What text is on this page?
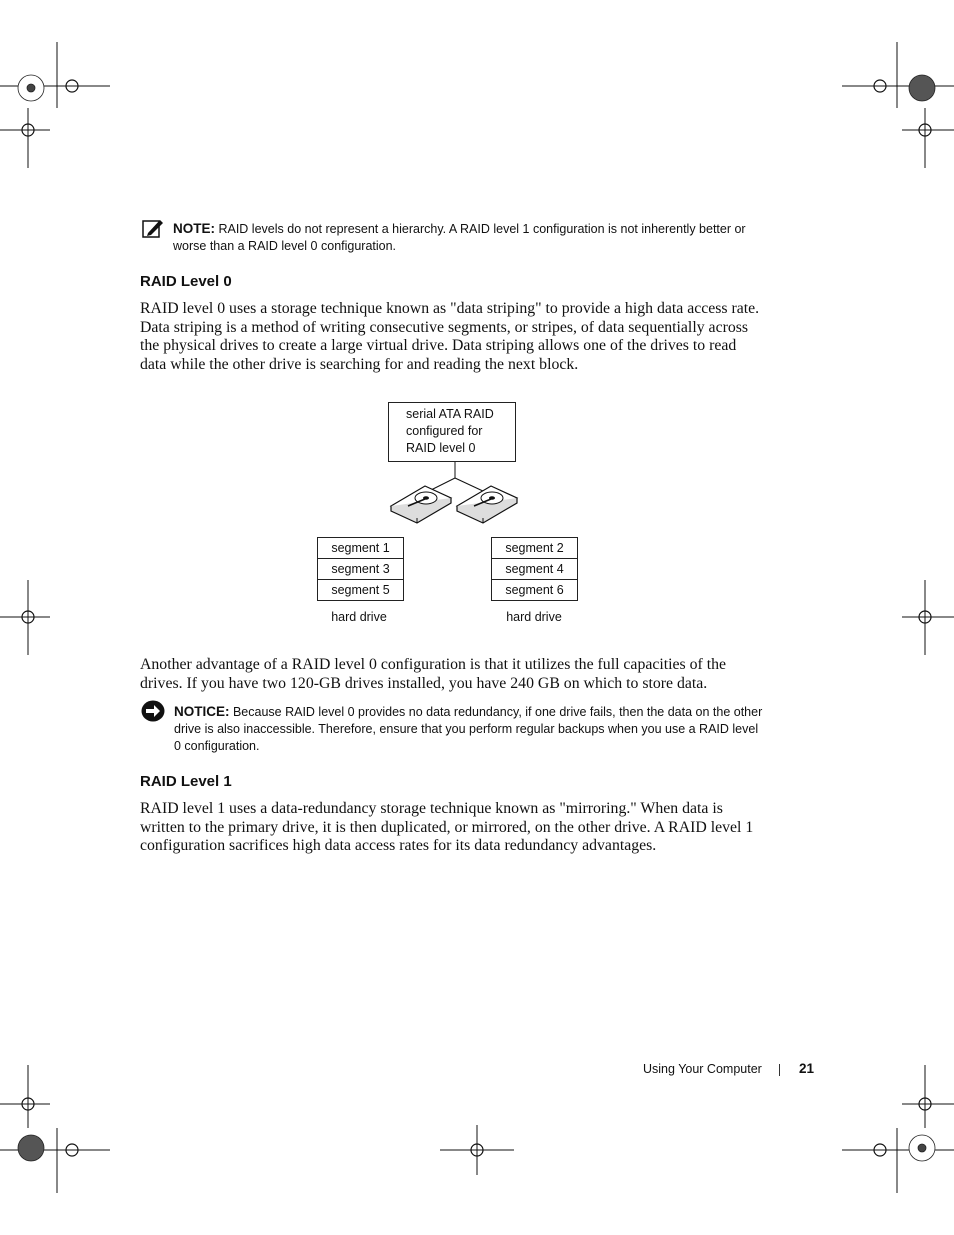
NOTE: RAID levels do not represent a hierarchy. A RAID level 1 configuration is not inherently better or worse than a RAID level 0 configuration.
RAID Level 0
RAID level 0 uses a storage technique known as "data striping" to provide a high data access rate. Data striping is a method of writing consecutive segments, or stripes, of data sequentially across the physical drives to create a large virtual drive. Data striping allows one of the drives to read data while the other drive is searching for and reading the next block.
serial ATA RAID
configured for
RAID level 0
segment 1
segment 3
segment 5
segment 2
segment 4
segment 6
hard drive	hard drive
Another advantage of a RAID level 0 configuration is that it utilizes the full capacities of the drives. If you have two 120-GB drives installed, you have 240 GB on which to store data.
NOTICE: Because RAID level 0 provides no data redundancy, if one drive fails, then the data on the other drive is also inaccessible. Therefore, ensure that you perform regular backups when you use a RAID level 0 configuration.
RAID Level 1
RAID level 1 uses a data-redundancy storage technique known as "mirroring." When data is written to the primary drive, it is then duplicated, or mirrored, on the other drive. A RAID level 1 configuration sacrifices high data access rates for its data redundancy advantages.
Using Your Computer	21
